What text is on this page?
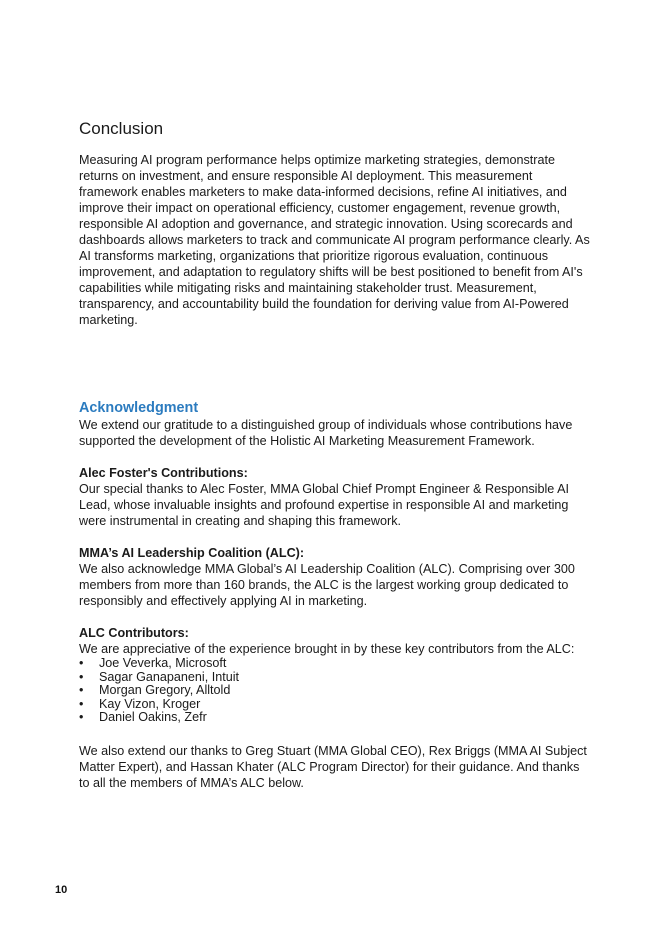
Conclusion

Measuring AI program performance helps optimize marketing strategies, demonstrate returns on investment, and ensure responsible AI deployment. This measurement framework enables marketers to make data-informed decisions, refine AI initiatives, and improve their impact on operational efficiency, customer engagement, revenue growth, responsible AI adoption and governance, and strategic innovation. Using scorecards and dashboards allows marketers to track and communicate AI program performance clearly. As AI transforms marketing, organizations that prioritize rigorous evaluation, continuous improvement, and adaptation to regulatory shifts will be best positioned to benefit from AI's capabilities while mitigating risks and maintaining stakeholder trust. Measurement, transparency, and accountability build the foundation for deriving value from AI-Powered marketing.

Acknowledgment

We extend our gratitude to a distinguished group of individuals whose contributions have supported the development of the Holistic AI Marketing Measurement Framework.

Alec Foster's Contributions:

Our special thanks to Alec Foster, MMA Global Chief Prompt Engineer & Responsible AI Lead, whose invaluable insights and profound expertise in responsible AI and marketing were instrumental in creating and shaping this framework.

MMA’s AI Leadership Coalition (ALC):

We also acknowledge MMA Global’s AI Leadership Coalition (ALC). Comprising over 300 members from more than 160 brands, the ALC is the largest working group dedicated to responsibly and effectively applying AI in marketing.

ALC Contributors:

We are appreciative of the experience brought in by these key contributors from the ALC:

•	Joe Veverka, Microsoft
•	Sagar Ganapaneni, Intuit
•	Morgan Gregory, Alltold
•	Kay Vizon, Kroger
•	Daniel Oakins, Zefr

We also extend our thanks to Greg Stuart (MMA Global CEO), Rex Briggs (MMA AI Subject Matter Expert), and Hassan Khater (ALC Program Director) for their guidance. And thanks to all the members of MMA’s ALC below.

10
